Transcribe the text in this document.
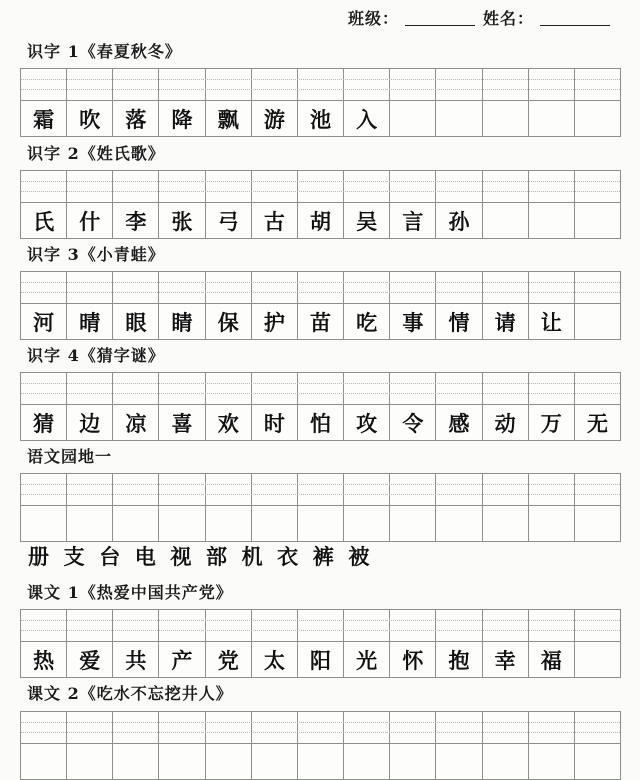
班级：	姓名：
识字 1《春夏秋冬》
霜	吹	落	降	飘	游	池	入
识字 2《姓氏歌》
氏	什	李	张	弓	古	胡	吴	言	孙
识字 3《小青蛙》
河	晴	眼	睛	保	护	苗	吃	事	情	请	让
识字 4《猜字谜》
猜	边	凉	喜	欢	时	怕	攻	令	感	动	万	无
语文园地一
册 支 台 电 视 部 机 衣 裤 被
课文 1《热爱中国共产党》
热	爱	共	产	党	太	阳	光	怀	抱	幸	福
课文 2《吃水不忘挖井人》
